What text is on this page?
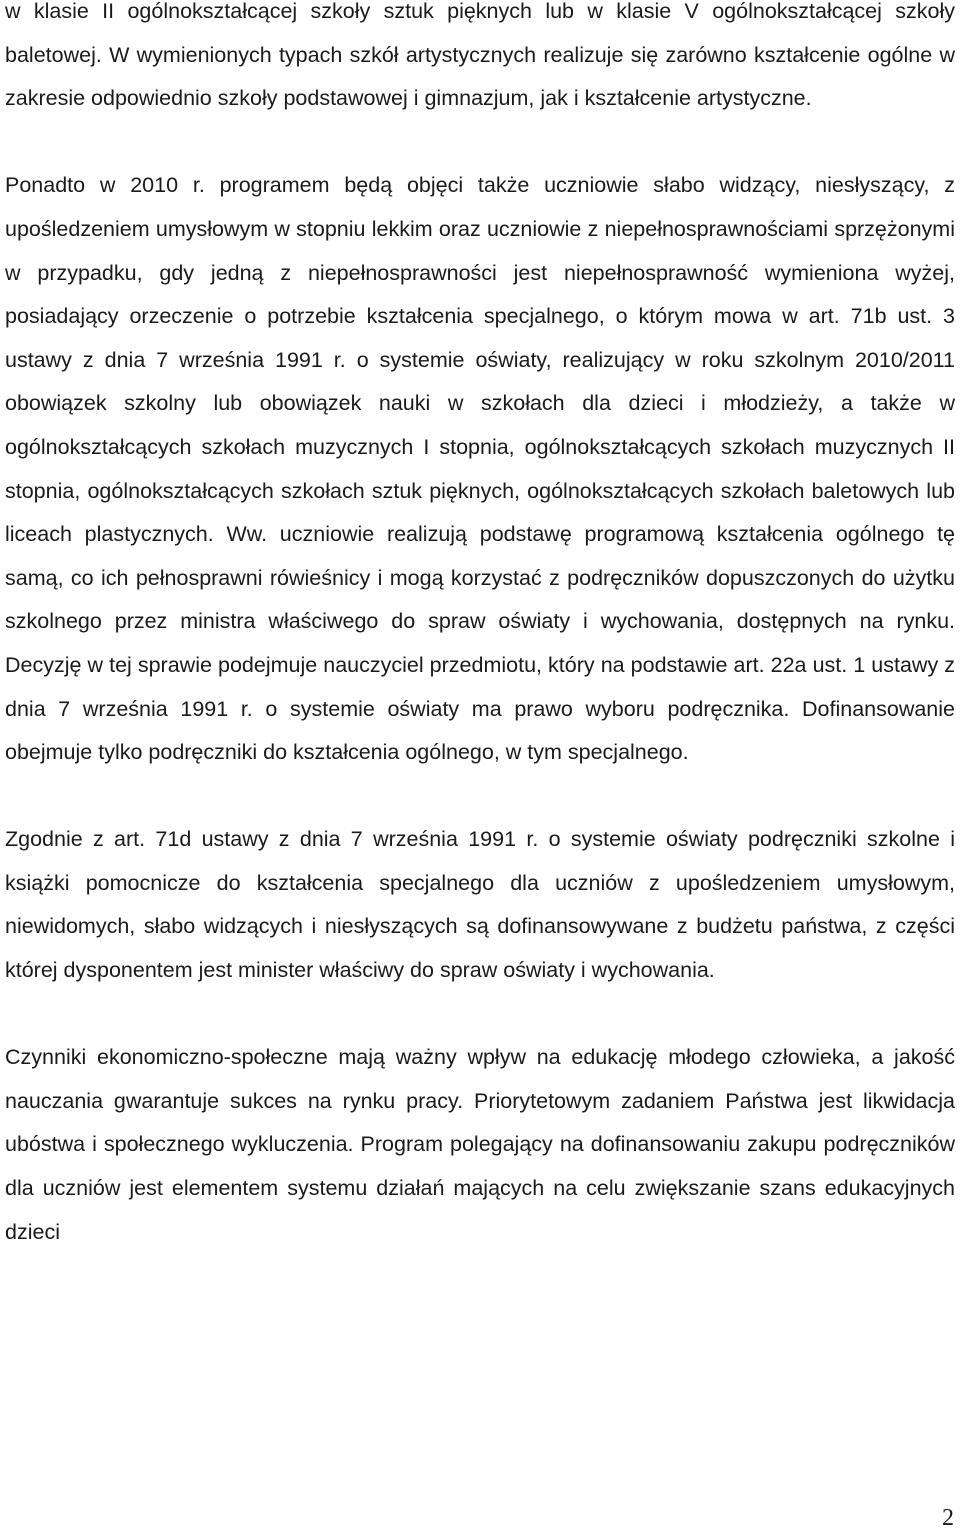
w klasie II ogólnokształcącej szkoły sztuk pięknych lub w klasie V ogólnokształcącej szkoły baletowej. W wymienionych typach szkół artystycznych realizuje się zarówno kształcenie ogólne w zakresie odpowiednio szkoły podstawowej i gimnazjum, jak i kształcenie artystyczne.

Ponadto w 2010 r. programem będą objęci także uczniowie słabo widzący, niesłyszący, z upośledzeniem umysłowym w stopniu lekkim oraz uczniowie z niepełnosprawnościami sprzężonymi w przypadku, gdy jedną z niepełnosprawności jest niepełnosprawność wymieniona wyżej, posiadający orzeczenie o potrzebie kształcenia specjalnego, o którym mowa w art. 71b ust. 3 ustawy z dnia 7 września 1991 r. o systemie oświaty, realizujący w roku szkolnym 2010/2011 obowiązek szkolny lub obowiązek nauki w szkołach dla dzieci i młodzieży, a także w ogólnokształcących szkołach muzycznych I stopnia, ogólnokształcących szkołach muzycznych II stopnia, ogólnokształcących szkołach sztuk pięknych, ogólnokształcących szkołach baletowych lub liceach plastycznych. Ww. uczniowie realizują podstawę programową kształcenia ogólnego tę samą, co ich pełnosprawni rówieśnicy i mogą korzystać z podręczników dopuszczonych do użytku szkolnego przez ministra właściwego do spraw oświaty i wychowania, dostępnych na rynku. Decyzję w tej sprawie podejmuje nauczyciel przedmiotu, który na podstawie art. 22a ust. 1 ustawy z dnia 7 września 1991 r. o systemie oświaty ma prawo wyboru podręcznika. Dofinansowanie obejmuje tylko podręczniki do kształcenia ogólnego, w tym specjalnego.

Zgodnie z art. 71d ustawy z dnia 7 września 1991 r. o systemie oświaty podręczniki szkolne i książki pomocnicze do kształcenia specjalnego dla uczniów z upośledzeniem umysłowym, niewidomych, słabo widzących i niesłyszących są dofinansowywane z budżetu państwa, z części której dysponentem jest minister właściwy do spraw oświaty i wychowania.

Czynniki ekonomiczno-społeczne mają ważny wpływ na edukację młodego człowieka, a jakość nauczania gwarantuje sukces na rynku pracy. Priorytetowym zadaniem Państwa jest likwidacja ubóstwa i społecznego wykluczenia. Program polegający na dofinansowaniu zakupu podręczników dla uczniów jest elementem systemu działań mających na celu zwiększanie szans edukacyjnych dzieci

2
